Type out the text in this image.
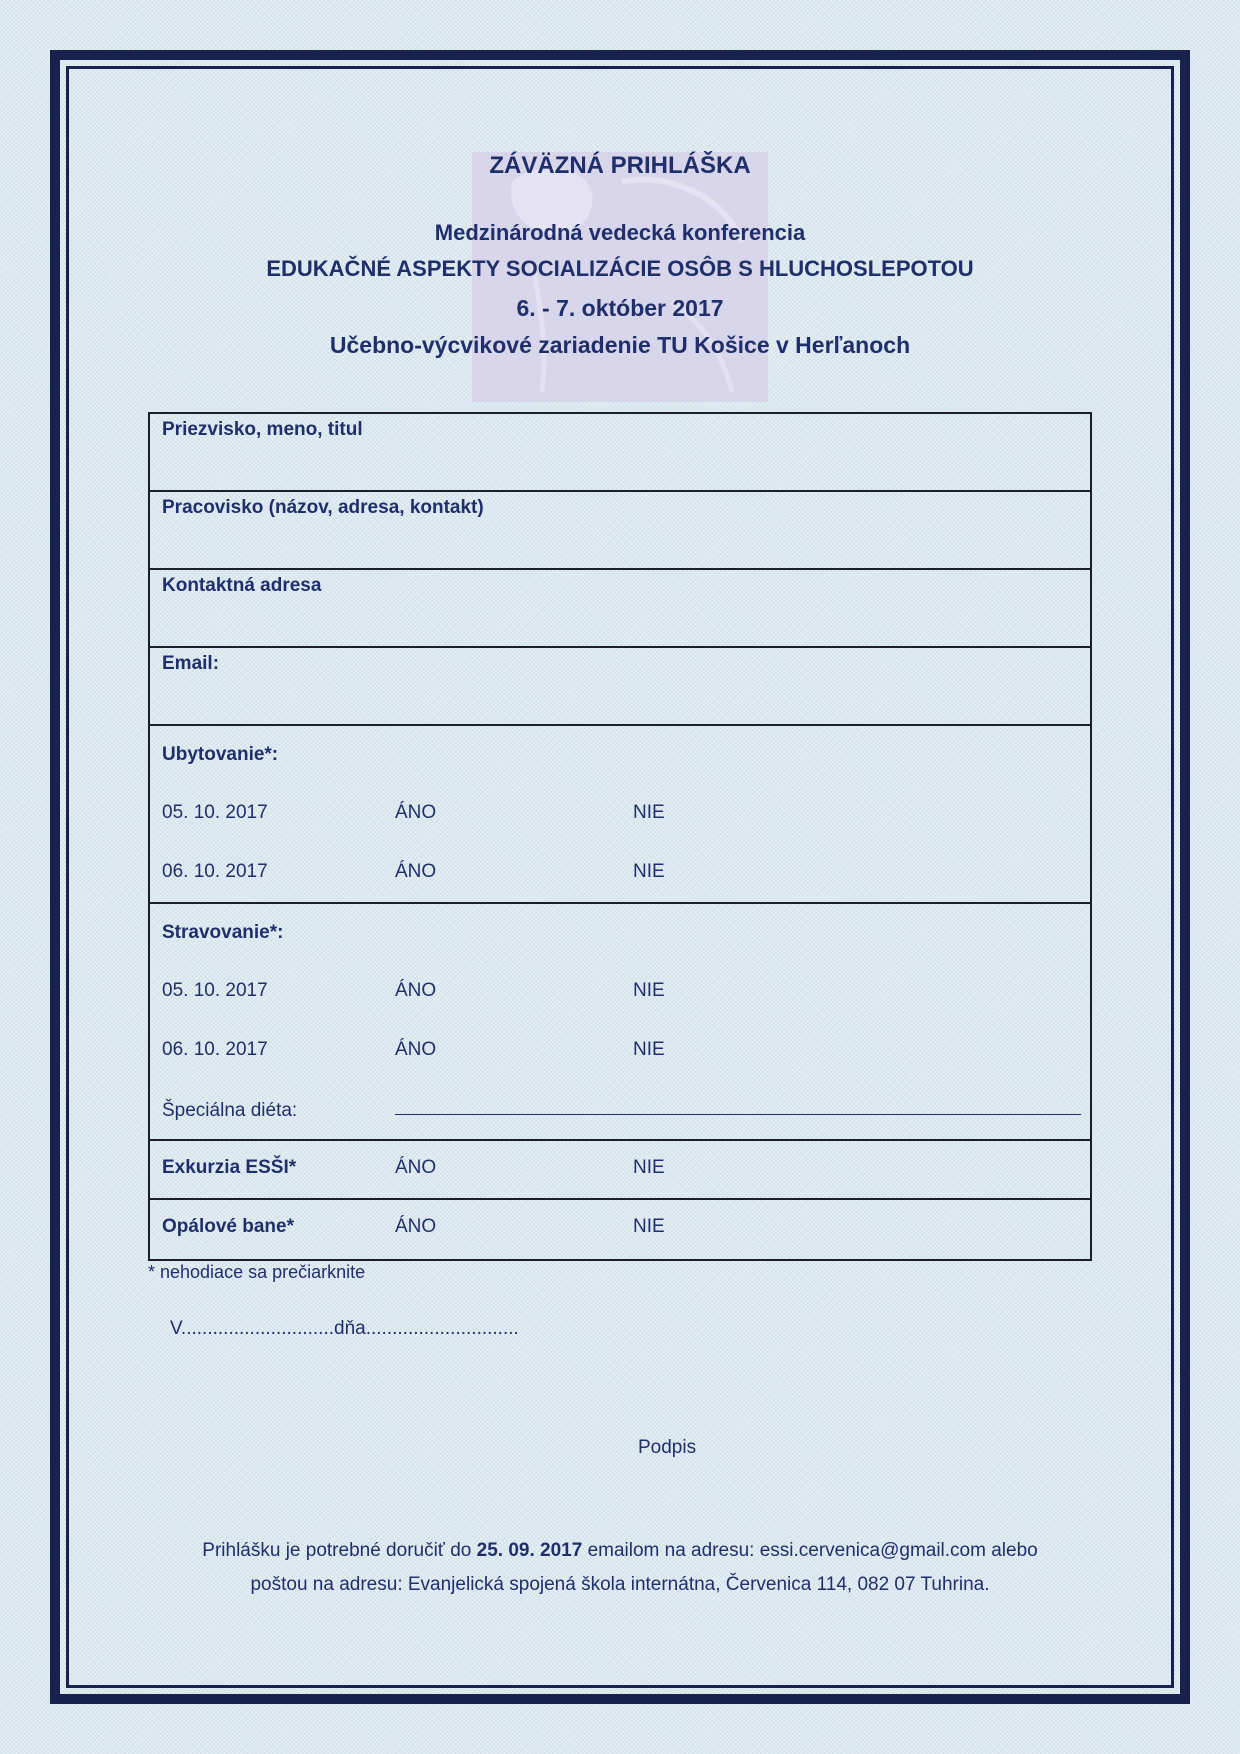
ZÁVÄZNÁ PRIHLÁŠKA
Medzinárodná vedecká konferencia
EDUKAČNÉ ASPEKTY SOCIALIZÁCIE OSÔB S HLUCHOSLEPOTOU
6. - 7. október 2017
Učebno-výcvikové zariadenie TU Košice v Herľanoch
Priezvisko, meno, titul
Pracovisko (názov, adresa, kontakt)
Kontaktná adresa
Email:
Ubytovanie*:
05. 10. 2017	ÁNO	NIE
06. 10. 2017	ÁNO	NIE
Stravovanie*:
05. 10. 2017	ÁNO	NIE
06. 10. 2017	ÁNO	NIE
Špeciálna diéta:
Exkurzia ESŠI*	ÁNO	NIE
Opálové bane*	ÁNO	NIE
* nehodiace sa prečiarknite
V.............................dňa.............................
Podpis
Prihlášku je potrebné doručiť do 25. 09. 2017 emailom na adresu: essi.cervenica@gmail.com alebo
poštou na adresu: Evanjelická spojená škola internátna, Červenica 114, 082 07 Tuhrina.
